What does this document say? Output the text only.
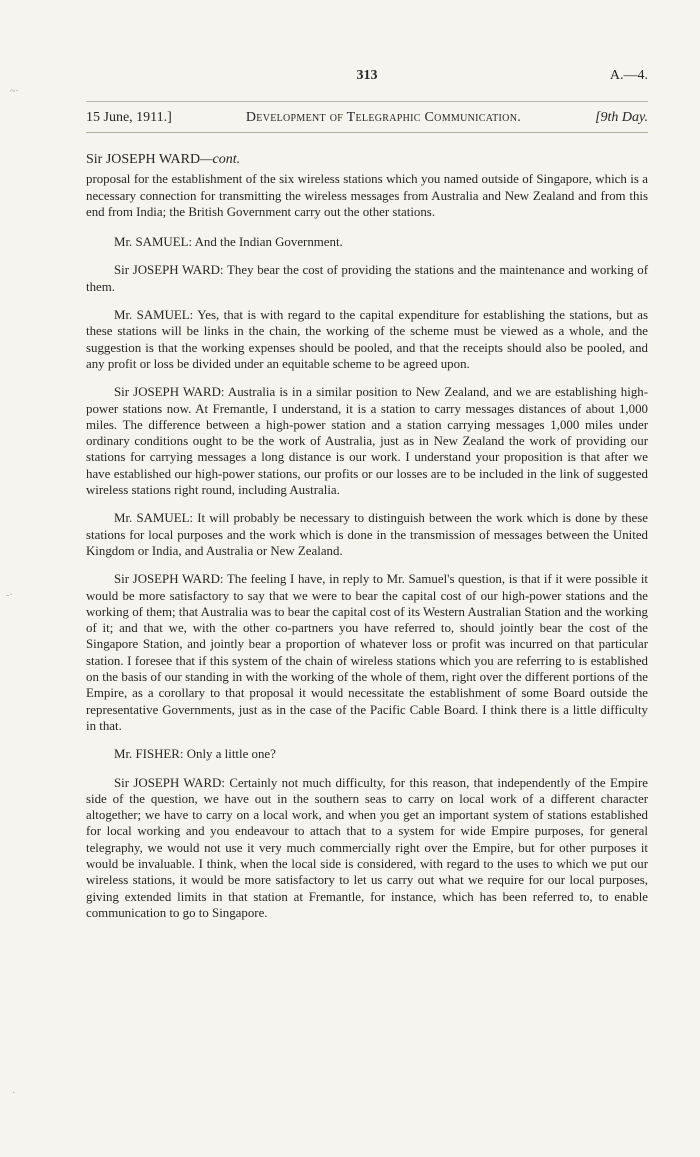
~·
‐·
·
313	A.—4.
15 June, 1911.]	Development of Telegraphic Communication.	[9th Day.
Sir JOSEPH WARD—cont.

proposal for the establishment of the six wireless stations which you named outside of Singapore, which is a necessary connection for transmitting the wireless messages from Australia and New Zealand and from this end from India; the British Government carry out the other stations.

Mr. SAMUEL: And the Indian Government.

Sir JOSEPH WARD: They bear the cost of providing the stations and the maintenance and working of them.

Mr. SAMUEL: Yes, that is with regard to the capital expenditure for establishing the stations, but as these stations will be links in the chain, the working of the scheme must be viewed as a whole, and the suggestion is that the working expenses should be pooled, and that the receipts should also be pooled, and any profit or loss be divided under an equitable scheme to be agreed upon.

Sir JOSEPH WARD: Australia is in a similar position to New Zealand, and we are establishing high-power stations now. At Fremantle, I understand, it is a station to carry messages distances of about 1,000 miles. The difference between a high-power station and a station carrying messages 1,000 miles under ordinary conditions ought to be the work of Australia, just as in New Zealand the work of providing our stations for carrying messages a long distance is our work. I understand your proposition is that after we have established our high-power stations, our profits or our losses are to be included in the link of suggested wireless stations right round, including Australia.

Mr. SAMUEL: It will probably be necessary to distinguish between the work which is done by these stations for local purposes and the work which is done in the transmission of messages between the United Kingdom or India, and Australia or New Zealand.

Sir JOSEPH WARD: The feeling I have, in reply to Mr. Samuel's question, is that if it were possible it would be more satisfactory to say that we were to bear the capital cost of our high-power stations and the working of them; that Australia was to bear the capital cost of its Western Australian Station and the working of it; and that we, with the other co-partners you have referred to, should jointly bear the cost of the Singapore Station, and jointly bear a proportion of whatever loss or profit was incurred on that particular station. I foresee that if this system of the chain of wireless stations which you are referring to is established on the basis of our standing in with the working of the whole of them, right over the different portions of the Empire, as a corollary to that proposal it would necessitate the establishment of some Board outside the representative Governments, just as in the case of the Pacific Cable Board. I think there is a little difficulty in that.

Mr. FISHER: Only a little one?

Sir JOSEPH WARD: Certainly not much difficulty, for this reason, that independently of the Empire side of the question, we have out in the southern seas to carry on local work of a different character altogether; we have to carry on a local work, and when you get an important system of stations established for local working and you endeavour to attach that to a system for wide Empire purposes, for general telegraphy, we would not use it very much commercially right over the Empire, but for other purposes it would be invaluable. I think, when the local side is considered, with regard to the uses to which we put our wireless stations, it would be more satisfactory to let us carry out what we require for our local purposes, giving extended limits in that station at Fremantle, for instance, which has been referred to, to enable communication to go to Singapore.
